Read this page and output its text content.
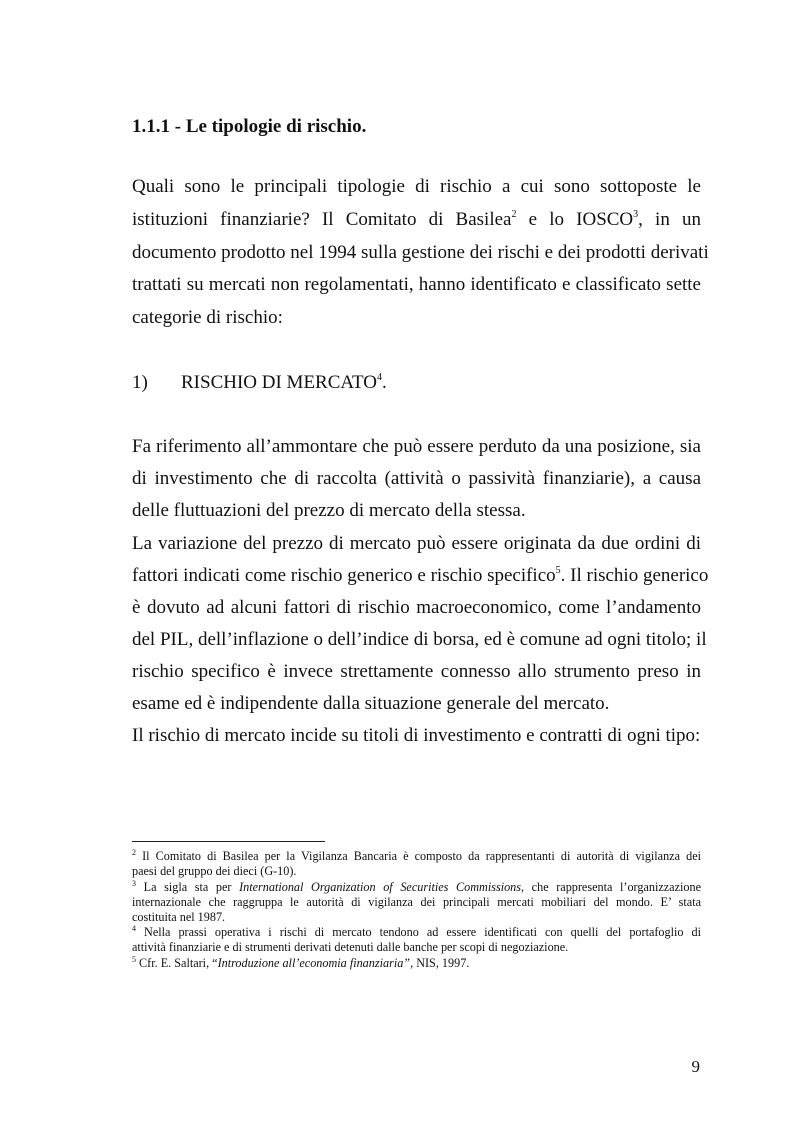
1.1.1 - Le tipologie di rischio.
Quali sono le principali tipologie di rischio a cui sono sottoposte le
istituzioni finanziarie? Il Comitato di Basilea$^2$ e lo IOSCO$^3$, in un
documento prodotto nel 1994 sulla gestione dei rischi e dei prodotti derivati
trattati su mercati non regolamentati, hanno identificato e classificato sette
categorie di rischio:
1) RISCHIO DI MERCATO$^4$.
Fa riferimento all’ammontare che può essere perduto da una posizione, sia
di investimento che di raccolta (attività o passività finanziarie), a causa
delle fluttuazioni del prezzo di mercato della stessa.
La variazione del prezzo di mercato può essere originata da due ordini di
fattori indicati come rischio generico e rischio specifico$^5$. Il rischio generico
è dovuto ad alcuni fattori di rischio macroeconomico, come l’andamento
del PIL, dell’inflazione o dell’indice di borsa, ed è comune ad ogni titolo; il
rischio specifico è invece strettamente connesso allo strumento preso in
esame ed è indipendente dalla situazione generale del mercato.
Il rischio di mercato incide su titoli di investimento e contratti di ogni tipo:
$^2$ Il Comitato di Basilea per la Vigilanza Bancaria è composto da rappresentanti di autorità di vigilanza dei
paesi del gruppo dei dieci (G-10).
$^3$ La sigla sta per International Organization of Securities Commissions, che rappresenta l’organizzazione
internazionale che raggruppa le autorità di vigilanza dei principali mercati mobiliari del mondo. E’ stata
costituita nel 1987.
$^4$ Nella prassi operativa i rischi di mercato tendono ad essere identificati con quelli del portafoglio di
attività finanziarie e di strumenti derivati detenuti dalle banche per scopi di negoziazione.
$^5$ Cfr. E. Saltari, “Introduzione all’economia finanziaria”, NIS, 1997.
9
